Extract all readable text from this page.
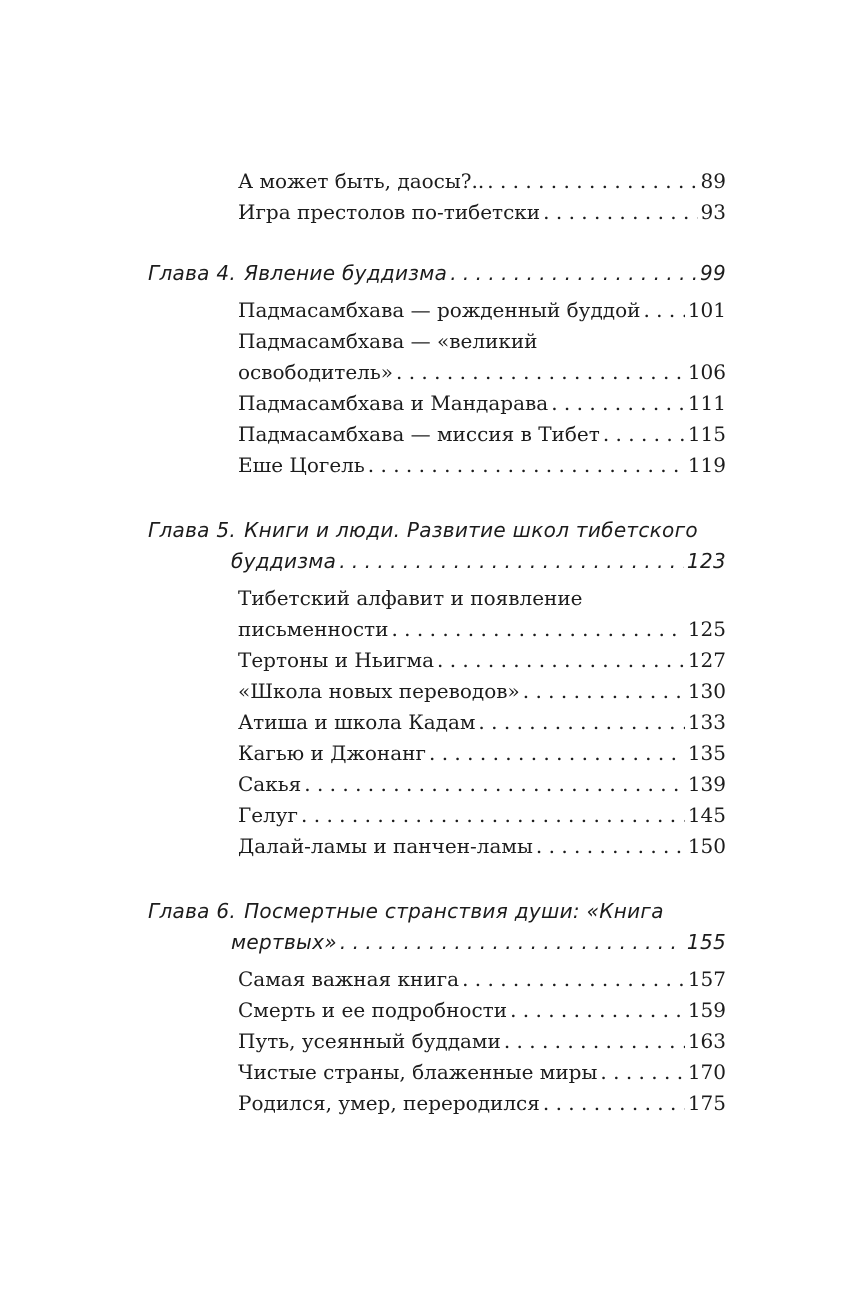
А может быть, даосы?.. . . .	89
Игра престолов по-тибетски . . .	93
Глава 4. Явление буддизма . . .	99
Падмасамбхава — рожденный буддой . . . 101
Падмасамбхава — «великий
освободитель» . . .	106
Падмасамбхава и Мандарава . . .	111
Падмасамбхава — миссия в Тибет . . .	115
Еше Цогель . . .	119
Глава 5. Книги и люди. Развитие школ тибетского
буддизма . . .	123
Тибетский алфавит и появление
письменности . . .	125
Тертоны и Ньигма . . .	127
«Школа новых переводов» . . .	130
Атиша и школа Кадам . . .	133
Кагью и Джонанг . . .	135
Сакья . . .	139
Гелуг . . .	145
Далай-ламы и панчен-ламы . . .	150
Глава 6. Посмертные странствия души: «Книга
мертвых» . . .	155
Самая важная книга . . .	157
Смерть и ее подробности . . .	159
Путь, усеянный буддами . . .	163
Чистые страны, блаженные миры . . .	170
Родился, умер, переродился . . .	175
